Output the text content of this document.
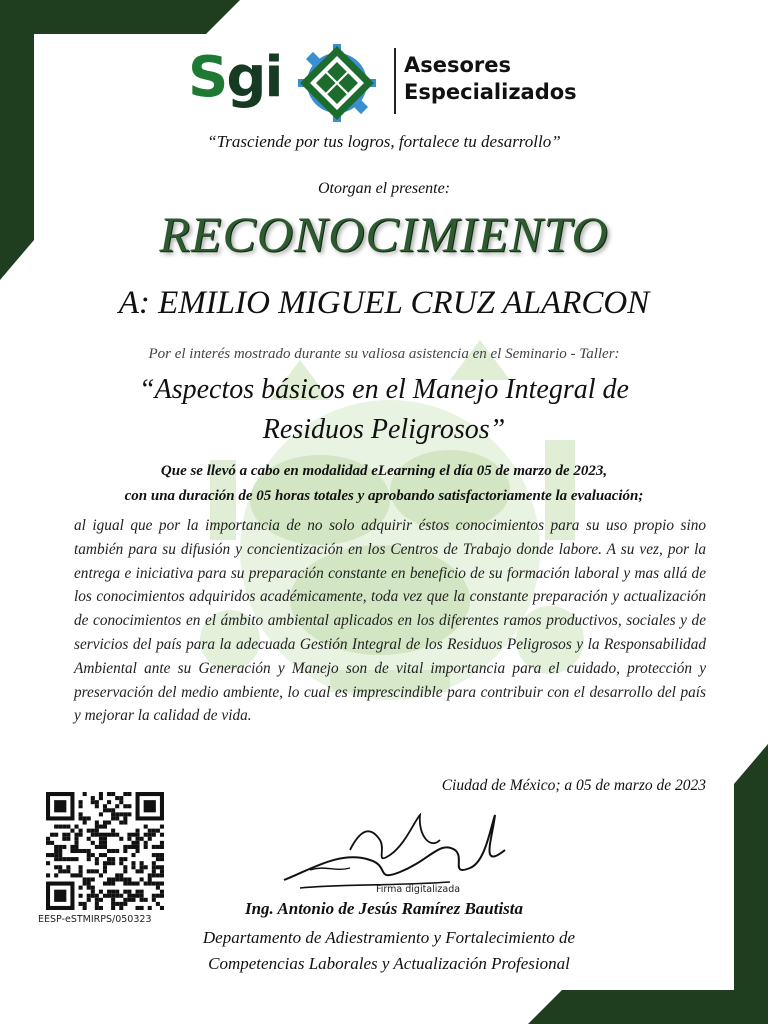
Sgi	Asesores
Especializados
“Trasciende por tus logros, fortalece tu desarrollo”
Otorgan el presente:
RECONOCIMIENTO
A: EMILIO MIGUEL CRUZ ALARCON
Por el interés mostrado durante su valiosa asistencia en el Seminario - Taller:
“Aspectos básicos en el Manejo Integral de
Residuos Peligrosos”
Que se llevó a cabo en modalidad eLearning el día 05 de marzo de 2023,
con una duración de 05 horas totales y aprobando satisfactoriamente la evaluación;
al igual que por la importancia de no solo adquirir éstos conocimientos para su uso propio sino también para su difusión y concientización en los Centros de Trabajo donde labore. A su vez, por la entrega e iniciativa para su preparación constante en beneficio de su formación laboral y mas allá de los conocimientos adquiridos académicamente, toda vez que la constante preparación y actualización de conocimientos en el ámbito ambiental aplicados en los diferentes ramos productivos, sociales y de servicios del país para la adecuada Gestión Integral de los Residuos Peligrosos y la Responsabilidad Ambiental ante su Generación y Manejo son de vital importancia para el cuidado, protección y preservación del medio ambiente, lo cual es imprescindible para contribuir con el desarrollo del país y mejorar la calidad de vida.
Ciudad de México; a 05 de marzo de 2023
EESP-eSTMIRPS/050323
Firma digitalizada
Ing. Antonio de Jesús Ramírez Bautista
Departamento de Adiestramiento y Fortalecimiento de
Competencias Laborales y Actualización Profesional
